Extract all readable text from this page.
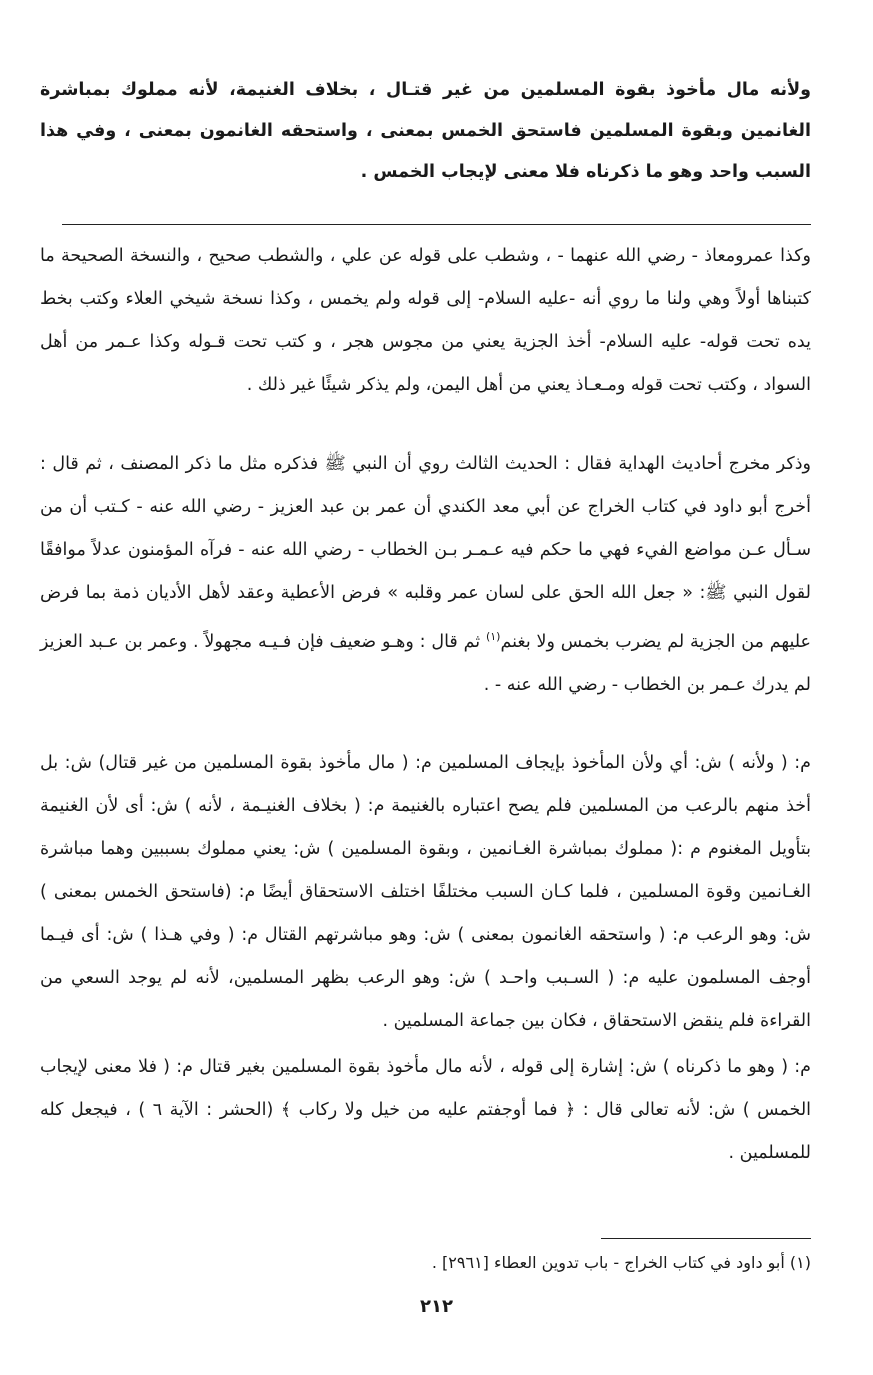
ولأنه مال مأخوذ بقوة المسلمين من غير قتـال ، بخلاف الغنيمة، لأنه مملوك بمباشرة الغانمين وبقوة المسلمين فاستحق الخمس بمعنى ، واستحقه الغانمون بمعنى ، وفي هذا السبب واحد وهو ما ذكرناه فلا معنى لإيجاب الخمس .

وكذا عمرومعاذ - رضي الله عنهما - ، وشطب على قوله عن علي ، والشطب صحيح ، والنسخة الصحيحة ما كتبناها أولاً وهي ولنا ما روي أنه -عليه السلام- إلى قوله ولم يخمس ، وكذا نسخة شيخي العلاء وكتب بخط يده تحت قوله- عليه السلام- أخذ الجزية يعني من مجوس هجر ، و كتب تحت قـوله وكذا عـمر من أهل السواد ، وكتب تحت قوله ومـعـاذ يعني من أهل اليمن، ولم يذكر شيئًا غير ذلك .

وذكر مخرج أحاديث الهداية فقال : الحديث الثالث روي أن النبي ﷺ فذكره مثل ما ذكر المصنف ، ثم قال : أخرج أبو داود في كتاب الخراج عن أبي معد الكندي أن عمر بن عبد العزيز - رضي الله عنه - كـتب أن من سـأل عـن مواضع الفيء فهي ما حكم فيه عـمـر بـن الخطاب - رضي الله عنه - فرآه المؤمنون عدلاً موافقًا لقول النبي ﷺ: « جعل الله الحق على لسان عمر وقلبه » فرض الأعطية وعقد لأهل الأديان ذمة بما فرض عليهم من الجزية لم يضرب بخمس ولا بغنم$^{(١)}$ ثم قال : وهـو ضعيف فإن فـيـه مجهولاً . وعمر بن عـبد العزيز لم يدرك عـمر بن الخطاب - رضي الله عنه - .

م: ( ولأنه ) ش: أي ولأن المأخوذ بإيجاف المسلمين م: ( مال مأخوذ بقوة المسلمين من غير قتال) ش: بل أخذ منهم بالرعب من المسلمين فلم يصح اعتباره بالغنيمة م: ( بخلاف الغنيـمة ، لأنه ) ش: أى لأن الغنيمة بتأويل المغنوم م :( مملوك بمباشرة الغـانمين ، وبقوة المسلمين ) ش: يعني مملوك بسببين وهما مباشرة الغـانمين وقوة المسلمين ، فلما كـان السبب مختلفًا اختلف الاستحقاق أيضًا م: (فاستحق الخمس بمعنى ) ش: وهو الرعب م: ( واستحقه الغانمون بمعنى ) ش: وهو مباشرتهم القتال م: ( وفي هـذا ) ش: أى فيـما أوجف المسلمون عليه م: ( السـبب واحـد ) ش: وهو الرعب بظهر المسلمين، لأنه لم يوجد السعي من القراءة فلم ينقض الاستحقاق ، فكان بين جماعة المسلمين .

م: ( وهو ما ذكرناه ) ش: إشارة إلى قوله ، لأنه مال مأخوذ بقوة المسلمين بغير قتال م: ( فلا معنى لإيجاب الخمس ) ش: لأنه تعالى قال : ﴿ فما أوجفتم عليه من خيل ولا ركاب ﴾ (الحشر : الآية ٦ ) ، فيجعل كله للمسلمين .

(١) أبو داود في كتاب الخراج - باب تدوين العطاء [٢٩٦١] .
٢١٢
